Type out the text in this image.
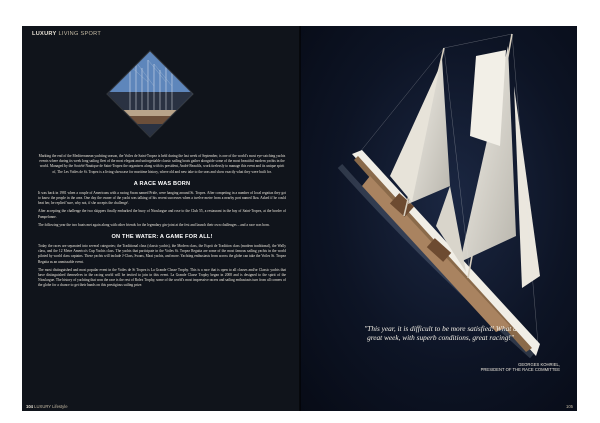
LUXURY LIVING SPORT

Marking the end of the Mediterranean yachting season, the Voiles de Saint-Tropez is held during the last week of September, is one of the world's most eye-catching yachts events where during its week long sailing fleet of the most elegant and unforgettable classic sailing boats gather alongside some of the most beautiful modern yachts in the world. Managed by the Société Nautique de Saint-Tropez the organisers along with its president, André Beaufils, work tirelessly to manage this event and its unique spirit of, The Les Voiles de St. Tropez is a living showcase for maritime history, where old and new take to the seas and show exactly what they were built for.

A RACE WAS BORN

It was back in 1981 when a couple of Americans with a racing Swan named Pride, were hanging around St. Tropez. After competing in a number of local regattas they got to know the people in the area. One day the owner of the yacht was talking of his recent successes when a twelve metre from a nearby port named Ikra. Asked if he could beat her, he replied 'sure, why not, if she accepts the challenge'.

After accepting the challenge the two skippers finally embarked the buoy of Nioulargue and rose to the Club 55, a restaurant in the bay of Saint-Tropez, at the border of Pampelonne.

The following year the two boats met again along with other friends for the legendary gin-joint at the fest and launch their own challenges – and a race was born.

ON THE WATER: A GAME FOR ALL!

Today the races are separated into several categories; the Traditional class (classic yachts), the Modern class, the Esprit de Tradition class (modern traditional), the Wally class, and the 12 Metre America's Cup Yachts class. The yachts that participate in the Voiles St. Tropez Regatta are some of the most famous sailing yachts in the world piloted by world class captains. These yachts will include J-Class, Swans, Maxi yachts, and more. Yachting enthusiasts from across the globe can take the Voiles St. Tropez Regatta as an unmissable event.

The most distinguished and most popular event in the Voiles de St Tropez is La Grande Classe Trophy. This is a race that is open to all classes and/or Classic yachts that have distinguished themselves in the racing world will be invited to join in this event. La Grande Classe Trophy began in 2008 and is designed to the spirit of the Nioulargue. The history of yachting that won the race is the rest of Rolex Trophy, some of the world's most impressive racers and sailing enthusiasts turn from all corners of the globe for a chance to get their hands on this prestigious sailing prize.

104 LUXURY Lifestyle
"This year, it is difficult to be more satisfied! What a great week, with superb conditions, great racing!"
GEORGES KOHRIEL,
PRESIDENT OF THE RACE COMMITTEE
105
